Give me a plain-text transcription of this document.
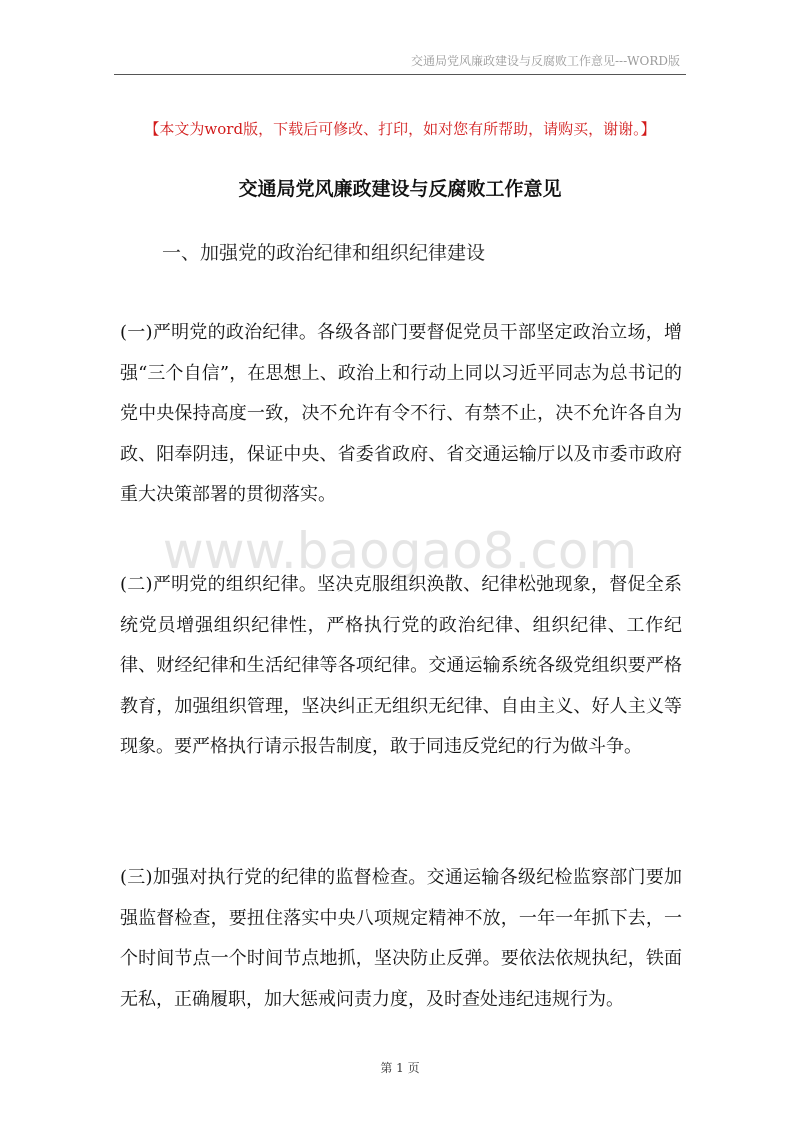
交通局党风廉政建设与反腐败工作意见---WORD版
【本文为word版，下载后可修改、打印，如对您有所帮助，请购买，谢谢。】
交通局党风廉政建设与反腐败工作意见
一、加强党的政治纪律和组织纪律建设

(一)严明党的政治纪律。各级各部门要督促党员干部坚定政治立场，增强“三个自信”，在思想上、政治上和行动上同以习近平同志为总书记的党中央保持高度一致，决不允许有令不行、有禁不止，决不允许各自为政、阳奉阴违，保证中央、省委省政府、省交通运输厅以及市委市政府重大决策部署的贯彻落实。

www.baogao8.com

(二)严明党的组织纪律。坚决克服组织涣散、纪律松弛现象，督促全系统党员增强组织纪律性，严格执行党的政治纪律、组织纪律、工作纪律、财经纪律和生活纪律等各项纪律。交通运输系统各级党组织要严格教育，加强组织管理，坚决纠正无组织无纪律、自由主义、好人主义等现象。要严格执行请示报告制度，敢于同违反党纪的行为做斗争。

(三)加强对执行党的纪律的监督检查。交通运输各级纪检监察部门要加强监督检查，要扭住落实中央八项规定精神不放，一年一年抓下去，一个时间节点一个时间节点地抓，坚决防止反弹。要依法依规执纪，铁面无私，正确履职，加大惩戒问责力度，及时查处违纪违规行为。

第 1 页
